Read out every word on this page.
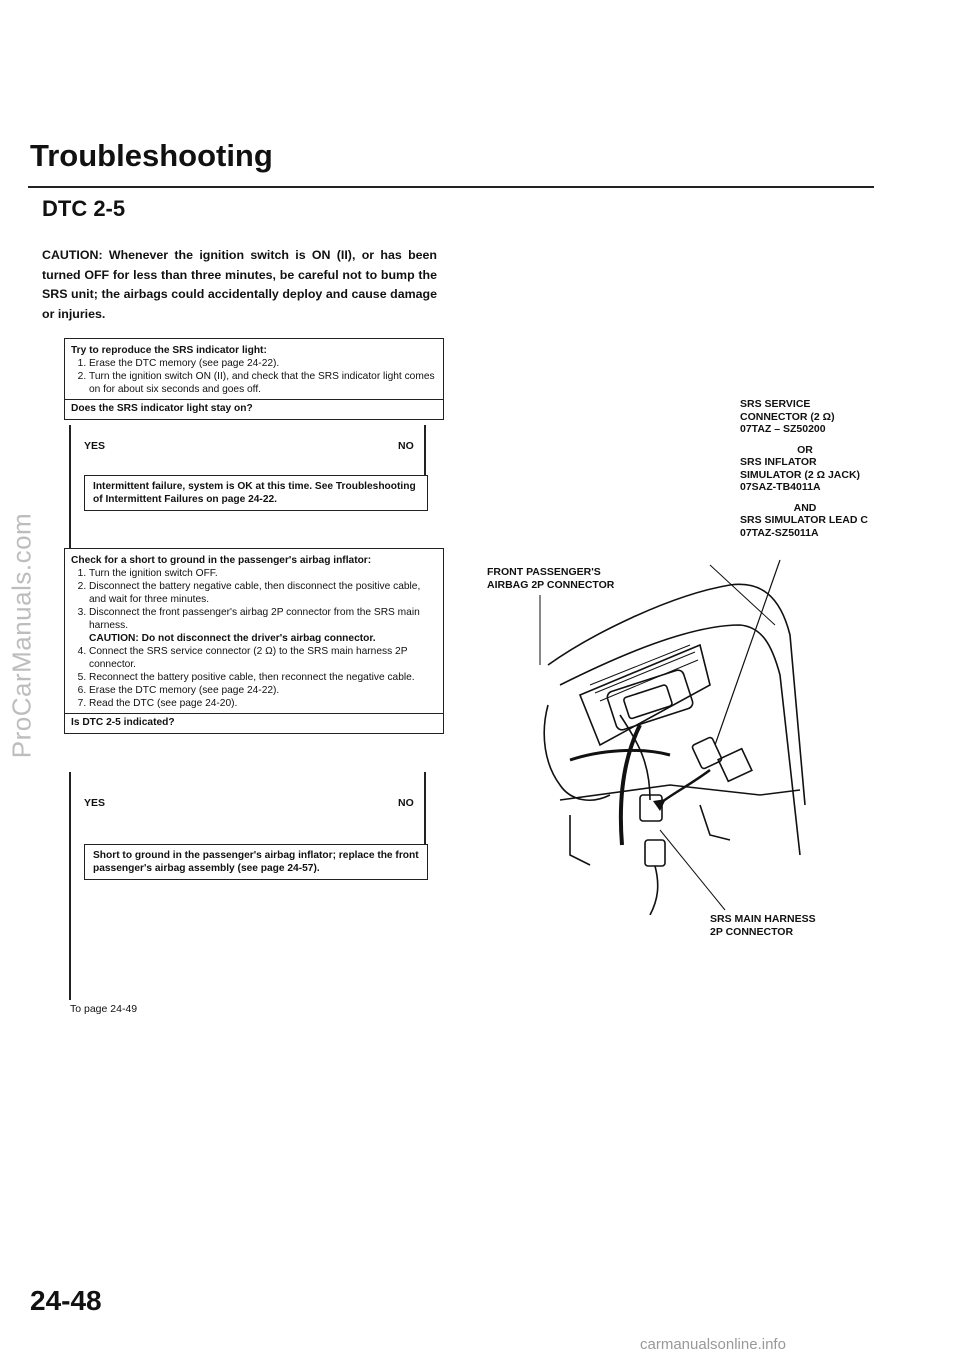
ProCarManuals.com
Troubleshooting
DTC 2-5
CAUTION: Whenever the ignition switch is ON (II), or has been turned OFF for less than three minutes, be careful not to bump the SRS unit; the airbags could accidentally deploy and cause damage or injuries.
Try to reproduce the SRS indicator light:
1. Erase the DTC memory (see page 24-22).
2. Turn the ignition switch ON (II), and check that the SRS indicator light comes on for about six seconds and goes off.
Does the SRS indicator light stay on?
YES	NO
Intermittent failure, system is OK at this time. See Troubleshooting of Intermittent Failures on page 24-22.
Check for a short to ground in the passenger's airbag inflator:
1. Turn the ignition switch OFF.
2. Disconnect the battery negative cable, then disconnect the positive cable, and wait for three minutes.
3. Disconnect the front passenger's airbag 2P connector from the SRS main harness.
CAUTION: Do not disconnect the driver's airbag connector.
4. Connect the SRS service connector (2 Ω) to the SRS main harness 2P connector.
5. Reconnect the battery positive cable, then reconnect the negative cable.
6. Erase the DTC memory (see page 24-22).
7. Read the DTC (see page 24-20).
Is DTC 2-5 indicated?
YES	NO
Short to ground in the passenger's airbag inflator; replace the front passenger's airbag assembly (see page 24-57).
To page 24-49
SRS SERVICE
CONNECTOR (2 Ω)
07TAZ – SZ50200
OR
SRS INFLATOR
SIMULATOR (2 Ω JACK)
07SAZ-TB4011A
AND
SRS SIMULATOR LEAD C
07TAZ-SZ5011A
FRONT PASSENGER'S
AIRBAG 2P CONNECTOR
SRS MAIN HARNESS
2P CONNECTOR
24-48
carmanualsonline.info
